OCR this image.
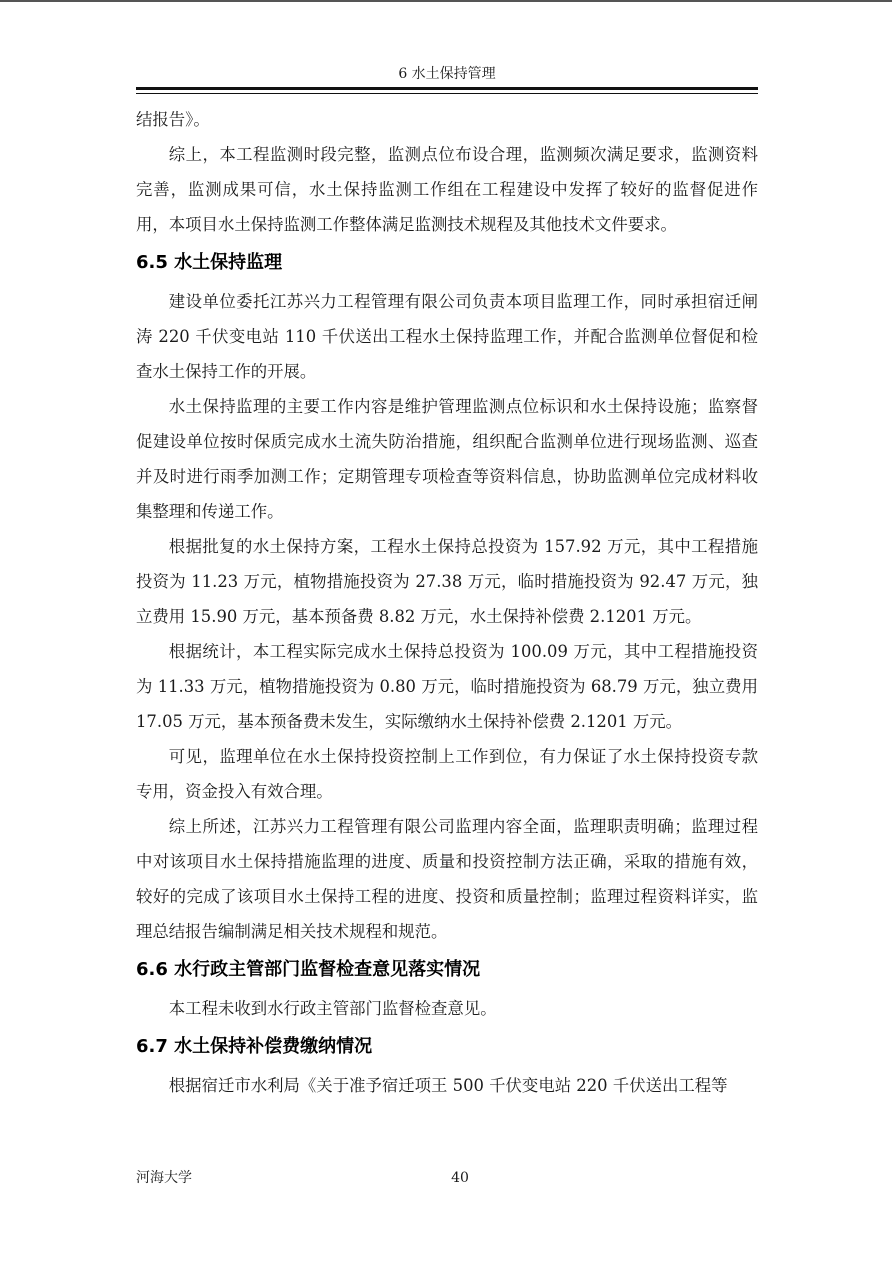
6 水土保持管理

结报告》。

综上，本工程监测时段完整，监测点位布设合理，监测频次满足要求，监测资料完善，监测成果可信，水土保持监测工作组在工程建设中发挥了较好的监督促进作用，本项目水土保持监测工作整体满足监测技术规程及其他技术文件要求。

6.5 水土保持监理

建设单位委托江苏兴力工程管理有限公司负责本项目监理工作，同时承担宿迁闸涛 220 千伏变电站 110 千伏送出工程水土保持监理工作，并配合监测单位督促和检查水土保持工作的开展。

水土保持监理的主要工作内容是维护管理监测点位标识和水土保持设施；监察督促建设单位按时保质完成水土流失防治措施，组织配合监测单位进行现场监测、巡查并及时进行雨季加测工作；定期管理专项检查等资料信息，协助监测单位完成材料收集整理和传递工作。

根据批复的水土保持方案，工程水土保持总投资为 157.92 万元，其中工程措施投资为 11.23 万元，植物措施投资为 27.38 万元，临时措施投资为 92.47 万元，独立费用 15.90 万元，基本预备费 8.82 万元，水土保持补偿费 2.1201 万元。

根据统计，本工程实际完成水土保持总投资为 100.09 万元，其中工程措施投资为 11.33 万元，植物措施投资为 0.80 万元，临时措施投资为 68.79 万元，独立费用 17.05 万元，基本预备费未发生，实际缴纳水土保持补偿费 2.1201 万元。

可见，监理单位在水土保持投资控制上工作到位，有力保证了水土保持投资专款专用，资金投入有效合理。

综上所述，江苏兴力工程管理有限公司监理内容全面，监理职责明确；监理过程中对该项目水土保持措施监理的进度、质量和投资控制方法正确，采取的措施有效，较好的完成了该项目水土保持工程的进度、投资和质量控制；监理过程资料详实，监理总结报告编制满足相关技术规程和规范。

6.6 水行政主管部门监督检查意见落实情况

本工程未收到水行政主管部门监督检查意见。

6.7 水土保持补偿费缴纳情况

根据宿迁市水利局《关于准予宿迁项王 500 千伏变电站 220 千伏送出工程等

河海大学	40
